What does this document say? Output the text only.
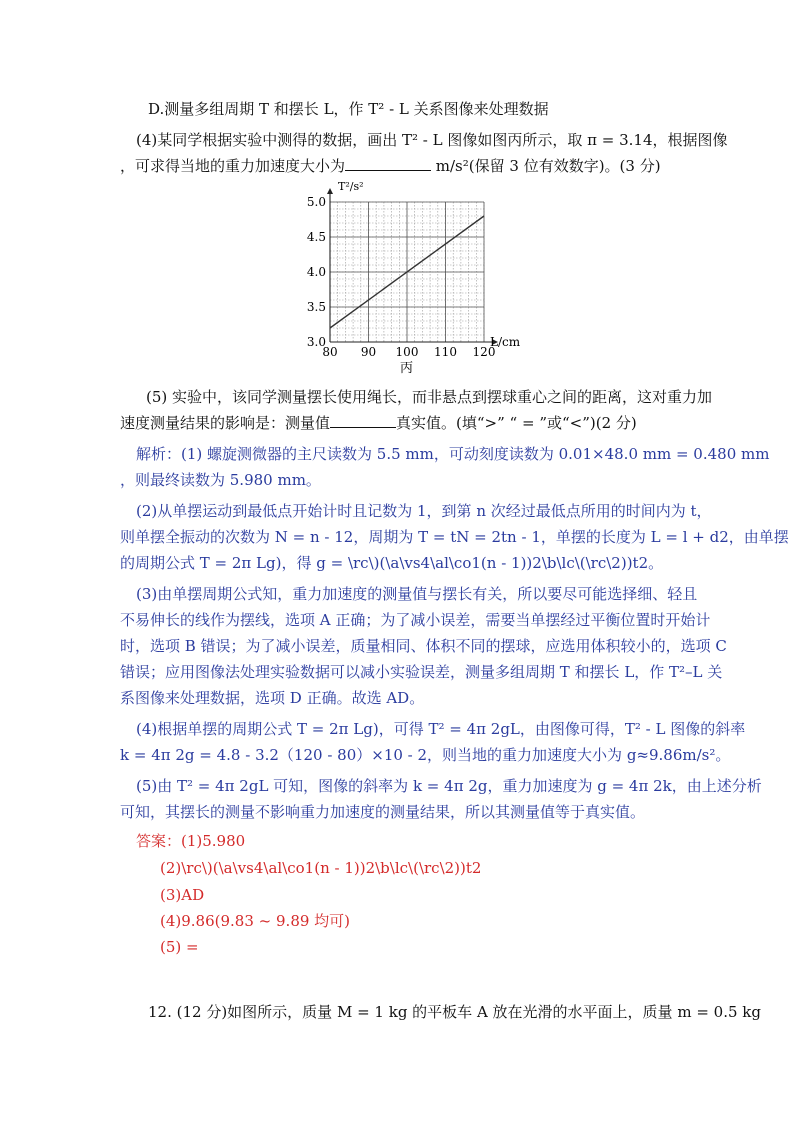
D.测量多组周期 T 和摆长 L，作 T² - L 关系图像来处理数据
(4)某同学根据实验中测得的数据，画出 T² - L 图像如图丙所示，取 π = 3.14，根据图像
，可求得当地的重力加速度大小为	m/s²(保留 3 位有效数字)。(3 分)
80 90 100 110 120
3.0
3.5
4.0
4.5
5.0
T²/s²
L/cm
丙
(5) 实验中，该同学测量摆长使用绳长，而非悬点到摆球重心之间的距离，这对重力加
速度测量结果的影响是：测量值	真实值。(填“>” “ = ”或“<”)(2 分)
解析：(1) 螺旋测微器的主尺读数为 5.5 mm，可动刻度读数为 0.01×48.0 mm = 0.480 mm
，则最终读数为 5.980 mm。
(2)从单摆运动到最低点开始计时且记数为 1，到第 n 次经过最低点所用的时间内为 t，
则单摆全振动的次数为 N = n - 12，周期为 T = tN = 2tn - 1，单摆的长度为 L = l + d2，由单摆
的周期公式 T = 2π Lg)，得 g = \rc\)(\a\vs4\al\co1(n - 1))2\b\lc\(\rc\2))t2。
(3)由单摆周期公式知，重力加速度的测量值与摆长有关，所以要尽可能选择细、轻且
不易伸长的线作为摆线，选项 A 正确；为了减小误差，需要当单摆经过平衡位置时开始计
时，选项 B 错误；为了减小误差，质量相同、体积不同的摆球，应选用体积较小的，选项 C
错误；应用图像法处理实验数据可以减小实验误差，测量多组周期 T 和摆长 L，作 T²–L 关
系图像来处理数据，选项 D 正确。故选 AD。
(4)根据单摆的周期公式 T = 2π Lg)，可得 T² = 4π 2gL，由图像可得，T² - L 图像的斜率
k = 4π 2g = 4.8 - 3.2（120 - 80）×10 - 2，则当地的重力加速度大小为 g≈9.86m/s²。
(5)由 T² = 4π 2gL 可知，图像的斜率为 k = 4π 2g，重力加速度为 g = 4π 2k，由上述分析
可知，其摆长的测量不影响重力加速度的测量结果，所以其测量值等于真实值。
答案：(1)5.980
(2)\rc\)(\a\vs4\al\co1(n - 1))2\b\lc\(\rc\2))t2
(3)AD
(4)9.86(9.83 ~ 9.89 均可)
(5) =
12. (12 分)如图所示，质量 M = 1 kg 的平板车 A 放在光滑的水平面上，质量 m = 0.5 kg
